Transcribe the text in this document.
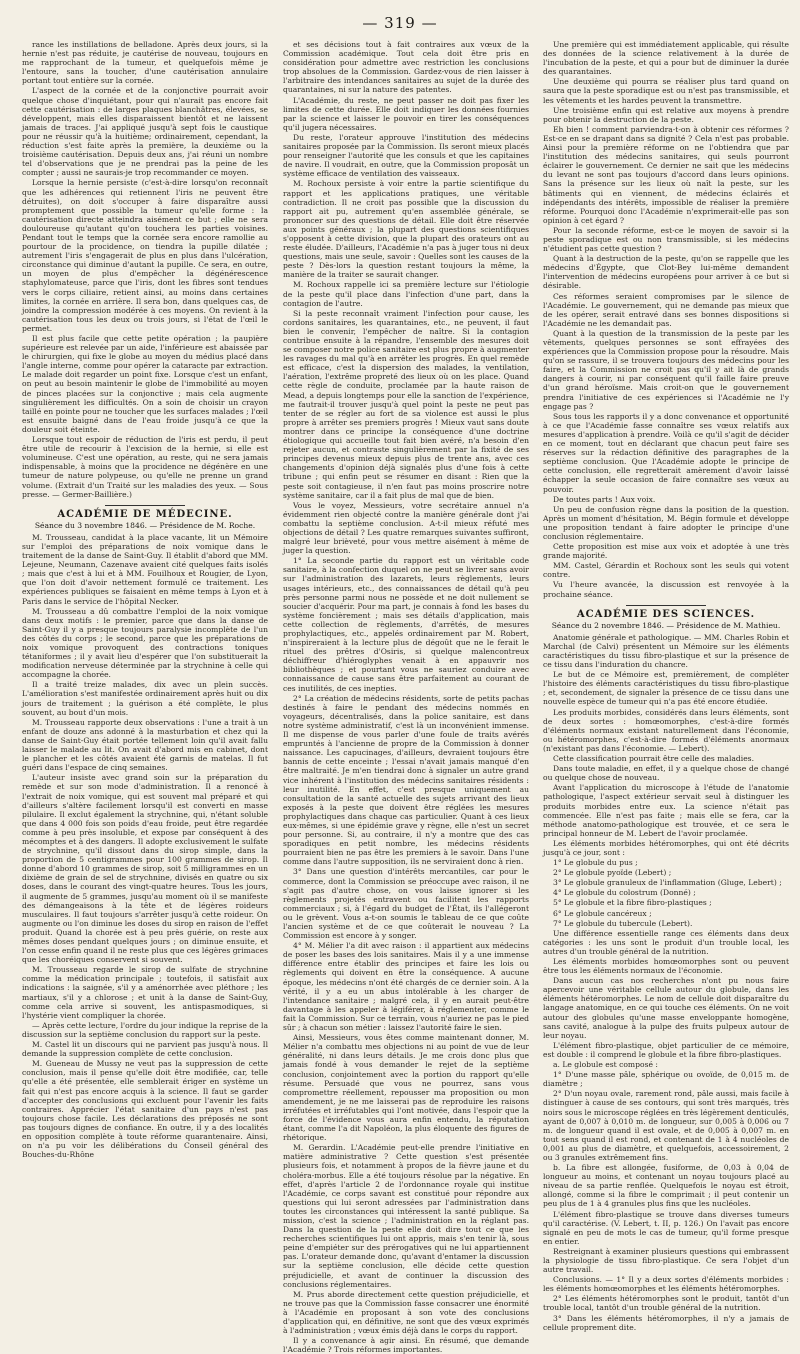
— 319 —

rance les instillations de belladone. Après deux jours, si la hernie n'est pas réduite, je cautérise de nouveau, toujours en me rapprochant de la tumeur, et quelquefois même je l'entoure, sans la toucher, d'une cautérisation annulaire portant tout entière sur la cornée.

L'aspect de la cornée et de la conjonctive pourrait avoir quelque chose d'inquiétant, pour qui n'aurait pas encore fait cette cautérisation : de larges plaques blanchâtres, élevées, se développent, mais elles disparaissent bientôt et ne laissent jamais de traces. J'ai appliqué jusqu'à sept fois le caustique pour ne réussir qu'à la huitième; ordinairement, cependant, la réduction s'est faite après la première, la deuxième ou la troisième cautérisation. Depuis deux ans, j'ai réuni un nombre tel d'observations que je ne prendrai pas la peine de les compter ; aussi ne saurais-je trop recommander ce moyen.

Lorsque la hernie persiste (c'est-à-dire lorsqu'on reconnaît que les adhérences qui retiennent l'iris ne peuvent être détruites), on doit s'occuper à faire disparaître aussi promptement que possible la tumeur qu'elle forme : la cautérisation directe atteindra aisément ce but ; elle ne sera douloureuse qu'autant qu'on touchera les parties voisines. Pendant tout le temps que la cornée sera encore ramollie au pourtour de la procidence, on tiendra la pupille dilatée ; autrement l'iris s'engagerait de plus en plus dans l'ulcération, circonstance qui diminue d'autant la pupille. Ce sera, en outre, un moyen de plus d'empêcher la dégénérescence staphylomateuse, parce que l'iris, dont les fibres sont tendues vers le corps ciliaire, retient ainsi, au moins dans certaines limites, la cornée en arrière. Il sera bon, dans quelques cas, de joindre la compression modérée à ces moyens. On revient à la cautérisation tous les deux ou trois jours, si l'état de l'œil le permet.

Il est plus facile que cette petite opération ; la paupière supérieure est relevée par un aide, l'inférieure est abaissée par le chirurgien, qui fixe le globe au moyen du médius placé dans l'angle interne, comme pour opérer la cataracte par extraction. Le malade doit regarder un point fixe. Lorsque c'est un enfant, on peut au besoin maintenir le globe de l'immobilité au moyen de pinces placées sur la conjonctive ; mais cela augmente singulièrement les difficultés. On a soin de choisir un crayon taillé en pointe pour ne toucher que les surfaces malades ; l'œil est ensuite baigné dans de l'eau froide jusqu'à ce que la douleur soit éteinte.

Lorsque tout espoir de réduction de l'iris est perdu, il peut être utile de recourir à l'excision de la hernie, si elle est volumineuse. C'est une opération, au reste, qui ne sera jamais indispensable, à moins que la procidence ne dégénère en une tumeur de nature polypeuse, ou qu'elle ne prenne un grand volume. (Extrait d'un Traité sur les maladies des yeux. — Sous presse. — Germer-Baillière.)

ACADÉMIE DE MÉDECINE.
Séance du 3 novembre 1846. — Présidence de M. Roche.

M. Trousseau, candidat à la place vacante, lit un Mémoire sur l'emploi des préparations de noix vomique dans le traitement de la danse de Saint-Guy. Il établit d'abord que MM. Lejeune, Neumann, Cazenave avaient cité quelques faits isolés ; mais que c'est à lui et à MM. Fouilhoux et Rougier, de Lyon, que l'on doit d'avoir nettement formulé ce traitement. Les expériences publiques se faisaient en même temps à Lyon et à Paris dans le service de l'hôpital Necker.

M. Trousseau a dû combattre l'emploi de la noix vomique dans deux motifs : le premier, parce que dans la danse de Saint-Guy il y a presque toujours paralysie incomplète de l'un des côtés du corps ; le second, parce que les préparations de noix vomique provoquent des contractions toniques tétaniformes ; il y avait lieu d'espérer que l'on substituerait la modification nerveuse déterminée par la strychnine à celle qui accompagne la chorée.

Il a traité treize malades, dix avec un plein succès. L'amélioration s'est manifestée ordinairement après huit ou dix jours de traitement ; la guérison a été complète, le plus souvent, au bout d'un mois.

M. Trousseau rapporte deux observations : l'une a trait à un enfant de douze ans adonné à la masturbation et chez qui la danse de Saint-Guy était portée tellement loin qu'il avait fallu laisser le malade au lit. On avait d'abord mis en cabinet, dont le plancher et les côtés avaient été garnis de matelas. Il fut guéri dans l'espace de cinq semaines.

L'auteur insiste avec grand soin sur la préparation du remède et sur son mode d'administration. Il a renoncé à l'extrait de noix vomique, qui est souvent mal préparé et qui d'ailleurs s'altère facilement lorsqu'il est converti en masse pilulaire. Il exclut également la strychnine, qui, n'étant soluble que dans 4 000 fois son poids d'eau froide, peut être regardée comme à peu près insoluble, et expose par conséquent à des mécomptes et à des dangers. Il adopte exclusivement le sulfate de strychnine, qu'il dissout dans du sirop simple, dans la proportion de 5 centigrammes pour 100 grammes de sirop. Il donne d'abord 10 grammes de sirop, soit 5 milligrammes en un dixième de grain de sel de strychnine, divisés en quatre ou six doses, dans le courant des vingt-quatre heures. Tous les jours, il augmente de 5 grammes, jusqu'au moment où il se manifeste des démangeaisons à la tête et de légères roideurs musculaires. Il faut toujours s'arrêter jusqu'à cette roideur. On augmente ou l'on diminue les doses du sirop en raison de l'effet produit. Quand la chorée est à peu près guérie, on reste aux mêmes doses pendant quelques jours ; on diminue ensuite, et l'on cesse enfin quand il ne reste plus que ces légères grimaces que les choréiques conservent si souvent.

M. Trousseau regarde le sirop de sulfate de strychnine comme la médication principale ; toutefois, il satisfait aux indications : la saignée, s'il y a aménorrhée avec pléthore ; les martiaux, s'il y a chlorose ; et unit à la danse de Saint-Guy, comme cela arrive si souvent, les antispasmodiques, si l'hystérie vient compliquer la chorée.

— Après cette lecture, l'ordre du jour indique la reprise de la discussion sur la septième conclusion du rapport sur la peste.

M. Castel lit un discours qui ne parvient pas jusqu'à nous. Il demande la suppression complète de cette conclusion.

M. Gueneau de Mussy ne veut pas la suppression de cette conclusion, mais il pense qu'elle doit être modifiée, car, telle qu'elle a été présentée, elle semblerait ériger en système un fait qui n'est pas encore acquis à la science. Il faut se garder d'accepter des conclusions qui excluent pour l'avenir les faits contraires. Apprécier l'état sanitaire d'un pays n'est pas toujours chose facile. Les déclarations des préposés ne sont pas toujours dignes de confiance. En outre, il y a des localités en opposition complète à toute réforme quarantenaire. Ainsi, on n'a pu voir les délibérations du Conseil général des Bouches-du-Rhône

et ses décisions tout à fait contraires aux vœux de la Commission académique. Tout cela doit être pris en considération pour admettre avec restriction les conclusions trop absolues de la Commission. Gardez-vous de rien laisser à l'arbitraire des intendances sanitaires au sujet de la durée des quarantaines, ni sur la nature des patentes.

L'Académie, du reste, ne peut passer ne doit pas fixer les limites de cette durée. Elle doit indiquer les données fournies par la science et laisser le pouvoir en tirer les conséquences qu'il jugera nécessaires.

Du reste, l'orateur approuve l'institution des médecins sanitaires proposée par la Commission. Ils seront mieux placés pour renseigner l'autorité que les consuls et que les capitaines de navire. Il voudrait, en outre, que la Commission proposât un système efficace de ventilation des vaisseaux.

M. Rochoux persiste à voir entre la partie scientifique du rapport et les applications pratiques, une véritable contradiction. Il ne croit pas possible que la discussion du rapport ait pu, autrement qu'en assemblée générale, se prononcer sur des questions de détail. Elle doit être réservée aux points généraux ; la plupart des questions scientifiques s'opposent à cette division, que la plupart des orateurs ont au reste éludée. D'ailleurs, l'Académie n'a pas à juger tous ni deux questions, mais une seule, savoir : Quelles sont les causes de la peste ? Dès-lors la question restant toujours la même, la manière de la traiter se saurait changer.

M. Rochoux rappelle ici sa première lecture sur l'étiologie de la peste qu'il place dans l'infection d'une part, dans la contagion de l'autre.

Si la peste reconnaît vraiment l'infection pour cause, les cordons sanitaires, les quarantaines, etc., ne peuvent, il faut bien le convenir, l'empêcher de naître. Si la contagion contribue ensuite à la répandre, l'ensemble des mesures doit se composer notre police sanitaire est plus propre à augmenter les ravages du mal qu'à en arrêter les progrès. En quel remède est efficace, c'est la dispersion des malades, la ventilation, l'aération, l'extrême propreté des lieux où on les place. Quand cette règle de conduite, proclamée par la haute raison de Mead, a depuis longtemps pour elle la sanction de l'expérience, me fautrait-il trouver jusqu'à quel point la peste ne peut pas tenter de se régler au fort de sa violence est aussi le plus propre à arrêter ses premiers progrès ! Mieux vaut sans doute montrer dans ce principe la conséquence d'une doctrine étiologique qui accueille tout fait bien avéré, n'a besoin d'en rejeter aucun, et contraste singulièrement par la fixité de ses principes devenus mieux depuis plus de trente ans, avec ces changements d'opinion déjà signalés plus d'une fois à cette tribune ; qui enfin peut se résumer en disant : Rien que la peste soit contagieuse, il n'en faut pas moins proscrire notre système sanitaire, car il a fait plus de mal que de bien.

Vous le voyez, Messieurs, votre secrétaire annuel n'a évidemment rien objecté contre la manière générale dont j'ai combattu la septième conclusion. A-t-il mieux réfuté mes objections de détail ? Les quatre remarques suivantes suffiront, malgré leur brièveté, pour vous mettre aisément à même de juger la question.

1° La seconde partie du rapport est un véritable code sanitaire, à la confection duquel on ne peut se livrer sans avoir sur l'administration des lazarets, leurs règlements, leurs usages intérieurs, etc., des connaissances de détail qu'à peu près personne parmi nous ne possède et ne doit nullement se soucier d'acquérir. Pour ma part, je connais à fond les bases du système foncièrement ; mais ses détails d'application, mais cette collection de règlements, d'arrêtés, de mesures prophylactiques, etc., appelés ordinairement par M. Robert, n'inspireraient à la lecture plus de dégoût que ne le ferait le rituel des prêtres d'Osiris, si quelque malencontreux déchiffreur d'hiéroglyphes venait à en appauvrir nos bibliothèques ; et pourtant vous ne sauriez conduire avec connaissance de cause sans être parfaitement au courant de ces inutilités, de ces inepties.

2° La création de médecins résidents, sorte de petits pachas destinés à faire le pendant des médecins nommés en voyageurs, décentralisés, dans la police sanitaire, est dans notre système administratif, c'est là un inconvénient immense. Il me dispense de vous parler d'une foule de traits avérés empruntés à l'ancienne de propre de la Commission à donner naissance. Les capucinages, d'ailleurs, devraient toujours être bannis de cette enceinte ; l'essai n'avait jamais manqué d'en être maltraité. Je m'en tiendrai donc à signaler un autre grand vice inhérent à l'institution des médecins sanitaires résidents : leur inutilité. En effet, c'est presque uniquement au consultation de la santé actuelle des sujets arrivant des lieux exposés à la peste que doivent être réglées les mesures prophylactiques dans chaque cas particulier. Quant à ces lieux eux-mêmes, si une épidémie grave y règne, elle n'est un secret pour personne. Si, au contraire, il n'y a montre que des cas sporadiques en petit nombre, les médecins résidents pourraient bien ne pas être les premiers à le savoir. Dans l'une comme dans l'autre supposition, ils ne serviraient donc à rien.

3° Dans une question d'intérêts mercantiles, car pour le commerce, dont la Commission se préoccupe avec raison, il ne s'agit pas d'autre chose, on vous laisse ignorer si les règlements projetés entravent ou facilitent les rapports commerciaux ; si, à l'égard du budget de l'État, ils l'allégeront ou le grèvent. Vous a-t-on soumis le tableau de ce que coûte l'ancien système et de ce que coûterait le nouveau ? La Commission est encore à y songer.

4° M. Mélier l'a dit avec raison : il appartient aux médecins de poser les bases des lois sanitaires. Mais il y a une immense différence entre établir des principes et faire les lois ou règlements qui doivent en être la conséquence. A aucune époque, les médecins n'ont été chargés de ce dernier soin. A la vérité, il y a eu un abus intolérable à les charger de l'intendance sanitaire ; malgré cela, il y en aurait peut-être davantage à les appeler à légiférer, à réglementer, comme le fait la Commission. Sur ce terrain, vous n'auriez ne pas le pied sûr ; à chacun son métier : laissez l'autorité faire le sien.

Ainsi, Messieurs, vous êtes comme maintenant donner, M. Mélier n'a combattu mes objections ni au point de vue de leur généralité, ni dans leurs détails. Je me crois donc plus que jamais fondé à vous demander le rejet de la septième conclusion, conjointement avec la portion du rapport qu'elle résume. Persuadé que vous ne pourrez, sans vous compromettre réellement, repousser ma proposition ou mon amendement, je ne me laisserai pas de reproduire les raisons irréfutées et irréfutables qui l'ont motivée, dans l'espoir que la force de l'évidence vous aura enfin entendu, la réputation étant, comme l'a dit Napoléon, la plus éloquente des figures de rhétorique.

M. Gerardin. L'Académie peut-elle prendre l'initiative en matière administrative ? Cette question s'est présentée plusieurs fois, et notamment à propos de la fièvre jaune et du choléra-morbus. Elle a été toujours résolue par la négative. En effet, d'après l'article 2 de l'ordonnance royale qui institue l'Académie, ce corps savant est constitué pour répondre aux questions qui lui seront adressées par l'administration dans toutes les circonstances qui intéressent la santé publique. Sa mission, c'est la science ; l'administration en la réglant pas. Dans la question de la peste elle doit dire tout ce que les recherches scientifiques lui ont appris, mais s'en tenir là, sous peine d'empiéter sur des prérogatives qui ne lui appartiennent pas. L'orateur demande donc, qu'avant d'entamer la discussion sur la septième conclusion, elle décide cette question préjudicielle, et avant de continuer la discussion des conclusions réglementaires.

M. Prus aborde directement cette question préjudicielle, et ne trouve pas que la Commission fasse consacrer une énormité à l'Académie en proposant à son vote des conclusions d'application qui, en définitive, ne sont que des vœux exprimés à l'administration ; vœux émis déjà dans le corps du rapport.

Il y a convenance à agir ainsi. En résumé, que demande l'Académie ? Trois réformes importantes.

Une première qui est immédiatement applicable, qui résulte des données de la science relativement à la durée de l'incubation de la peste, et qui a pour but de diminuer la durée des quarantaines.

Une deuxième qui pourra se réaliser plus tard quand on saura que la peste sporadique est ou n'est pas transmissible, et les vêtements et les hardes peuvent la transmettre.

Une troisième enfin qui est relative aux moyens à prendre pour obtenir la destruction de la peste.

Eh bien ! comment parviendra-t-on à obtenir ces réformes ? Est-ce en se drapant dans sa dignité ? Cela n'est pas probable. Ainsi pour la première réforme on ne l'obtiendra que par l'institution des médecins sanitaires, qui seuls pourront éclairer le gouvernement. Ce dernier ne sait que les médecins du levant ne sont pas toujours d'accord dans leurs opinions. Sans la présence sur les lieux où naît la peste, sur les bâtiments qui en viennent, de médecins éclairés et indépendants des intérêts, impossible de réaliser la première réforme. Pourquoi donc l'Académie n'exprimerait-elle pas son opinion à cet égard ?

Pour la seconde réforme, est-ce le moyen de savoir si la peste sporadique est ou non transmissible, si les médecins n'étudient pas cette question ?

Quant à la destruction de la peste, qu'on se rappelle que les médecins d'Égypte, que Clot-Bey lui-même demandent l'intervention de médecins européens pour arriver à ce but si désirable.

Ces réformes seraient compromises par le silence de l'Académie. Le gouvernement, qui ne demande pas mieux que de les opérer, serait entravé dans ses bonnes dispositions si l'Académie ne les demandait pas.

Quant à la question de la transmission de la peste par les vêtements, quelques personnes se sont effrayées des expériences que la Commission propose pour la résoudre. Mais qu'on se rassure, il se trouvera toujours des médecins pour les faire, et la Commission ne croit pas qu'il y ait là de grands dangers à courir, ni par conséquent qu'il faille faire preuve d'un grand héroïsme. Mais croit-on que le gouvernement prendra l'initiative de ces expériences si l'Académie ne l'y engage pas ?

Sous tous les rapports il y a donc convenance et opportunité à ce que l'Académie fasse connaître ses vœux relatifs aux mesures d'application à prendre. Voilà ce qu'il s'agit de décider en ce moment, tout en déclarant que chacun peut faire ses réserves sur la rédaction définitive des paragraphes de la septième conclusion. Que l'Académie adopte le principe de cette conclusion, elle regretterait amèrement d'avoir laissé échapper la seule occasion de faire connaître ses vœux au pouvoir.

De toutes parts ! Aux voix.

Un peu de confusion règne dans la position de la question. Après un moment d'hésitation, M. Bégin formule et développe une proposition tendant à faire adopter le principe d'une conclusion réglementaire.

Cette proposition est mise aux voix et adoptée à une très grande majorité.

MM. Castel, Gérardin et Rochoux sont les seuls qui votent contre.

Vu l'heure avancée, la discussion est renvoyée à la prochaine séance.

ACADÉMIE DES SCIENCES.
Séance du 2 novembre 1846. — Présidence de M. Mathieu.

Anatomie générale et pathologique. — MM. Charles Robin et Marchal (de Calvi) présentent un Mémoire sur les éléments caractéristiques du tissu fibro-plastique et sur la présence de ce tissu dans l'induration du chancre.

Le but de ce Mémoire est, premièrement, de compléter l'histoire des éléments caractéristiques du tissu fibro-plastique ; et, secondement, de signaler la présence de ce tissu dans une nouvelle espèce de tumeur qui n'a pas été encore étudiée.

Les produits morbides, considérés dans leurs éléments, sont de deux sortes : homœomorphes, c'est-à-dire formés d'éléments normaux existant naturellement dans l'économie, ou hétéromorphes, c'est-à-dire formés d'éléments anormaux (n'existant pas dans l'économie. — Lebert).

Cette classification pourrait être celle des maladies.

Dans toute maladie, en effet, il y a quelque chose de changé ou quelque chose de nouveau.

Avant l'application du microscope à l'étude de l'anatomie pathologique, l'aspect extérieur servait seul à distinguer les produits morbides entre eux. La science n'était pas commencée. Elle n'est pas faite ; mais elle se fera, car la méthode anatomo-pathologique est trouvée, et ce sera le principal honneur de M. Lebert de l'avoir proclamée.

Les éléments morbides hétéromorphes, qui ont été décrits jusqu'à ce jour, sont :

1° Le globule du pus ;

2° Le globule pyoïde (Lebert) ;

3° Le globule granuleux de l'inflammation (Gluge, Lebert) ;

4° Le globule du colostrum (Donné) ;

5° Le globule et la fibre fibro-plastiques ;

6° Le globule cancéreux ;

7° Le globule du tubercule (Lebert).

Une différence essentielle range ces éléments dans deux catégories : les uns sont le produit d'un trouble local, les autres d'un trouble général de la nutrition.

Les éléments morbides homœomorphes sont ou peuvent être tous les éléments normaux de l'économie.

Dans aucun cas nos recherches n'ont pu nous faire apercevoir une véritable cellule autour du globule, dans les éléments hétéromorphes. Le nom de cellule doit disparaître du langage anatomique, en ce qui touche ces éléments. On ne voit autour des globules qu'une masse enveloppante homogène, sans cavité, analogue à la pulpe des fruits pulpeux autour de leur noyau.

L'élément fibro-plastique, objet particulier de ce mémoire, est double : il comprend le globule et la fibre fibro-plastiques.

a. Le globule est composé :

1° D'une masse pâle, sphérique ou ovoïde, de 0,015 m. de diamètre ;

2° D'un noyau ovale, rarement rond, pâle aussi, mais facile à distinguer à cause de ses contours, qui sont très marqués, très noirs sous le microscope réglées en très légèrement denticulés, ayant de 0,007 à 0,010 m. de longueur, sur 0,005 à 0,006 ou 7 m. de longueur quand il est ovale, et de 0,005 à 0,007 m. en tout sens quand il est rond, et contenant de 1 à 4 nucléoles de 0,001 au plus de diamètre, et quelquefois, accessoirement, 2 ou 3 granules extrêmement fins.

b. La fibre est allongée, fusiforme, de 0,03 à 0,04 de longueur au moins, et contenant un noyau toujours placé au niveau de sa partie renflée. Quelquefois le noyau est étroit, allongé, comme si la fibre le comprimait ; il peut contenir un peu plus de 1 à 4 granules plus fins que les nucléoles.

L'élément fibro-plastique se trouve dans diverses tumeurs qu'il caractérise. (V. Lebert, t. II, p. 126.) On l'avait pas encore signalé en peu de mots le cas de tumeur, qu'il forme presque en entier.

Restreignant à examiner plusieurs questions qui embrassent la physiologie de tissu fibro-plastique. Ce sera l'objet d'un autre travail.

Conclusions. — 1° Il y a deux sortes d'éléments morbides : les éléments homœomorphes et les éléments hétéromorphes.

2° Les éléments hétéromorphes sont le produit, tantôt d'un trouble local, tantôt d'un trouble général de la nutrition.

3° Dans les éléments hétéromorphes, il n'y a jamais de cellule proprement dite.
